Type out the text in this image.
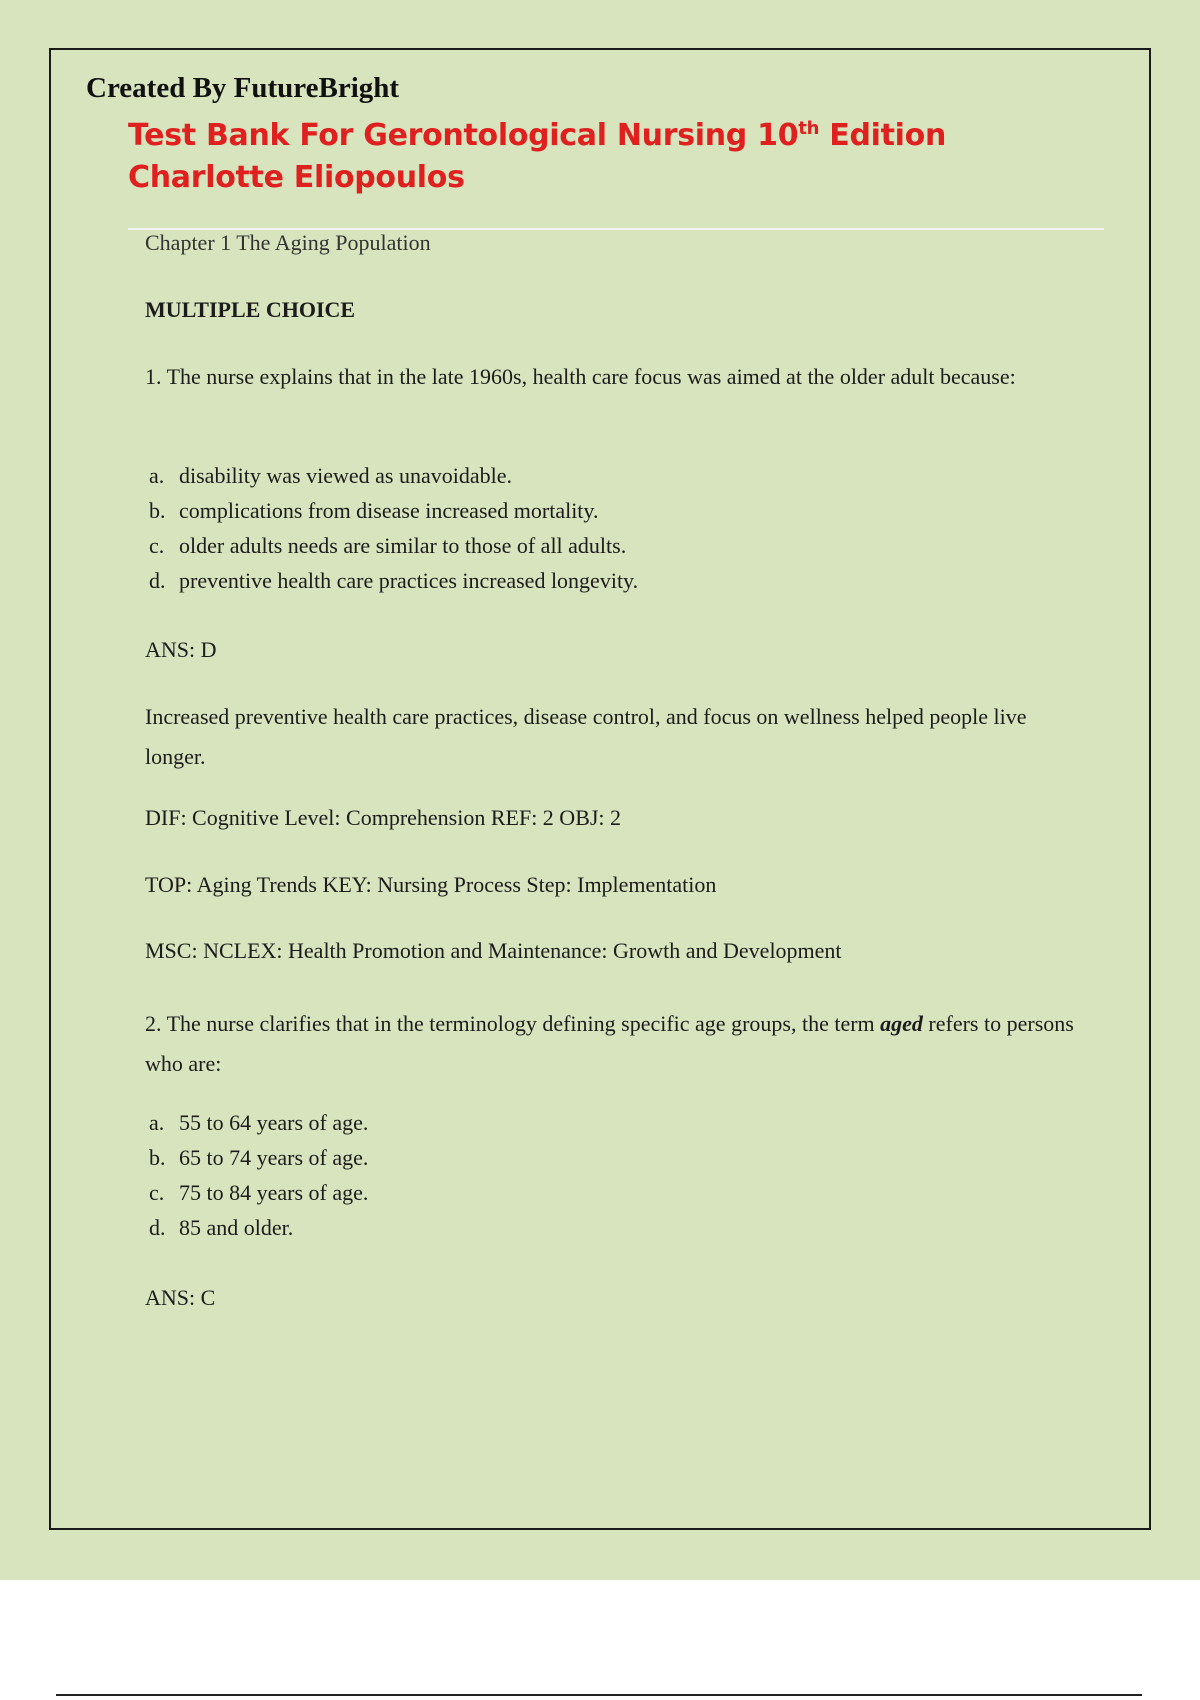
Created By FutureBright
Test Bank For Gerontological Nursing 10th Edition Charlotte Eliopoulos
Chapter 1 The Aging Population
MULTIPLE CHOICE
1. The nurse explains that in the late 1960s, health care focus was aimed at the older adult because:
a. disability was viewed as unavoidable.
b. complications from disease increased mortality.
c. older adults needs are similar to those of all adults.
d. preventive health care practices increased longevity.
ANS: D
Increased preventive health care practices, disease control, and focus on wellness helped people live longer.
DIF: Cognitive Level: Comprehension REF: 2 OBJ: 2
TOP: Aging Trends KEY: Nursing Process Step: Implementation
MSC: NCLEX: Health Promotion and Maintenance: Growth and Development
2. The nurse clarifies that in the terminology defining specific age groups, the term aged refers to persons who are:
a. 55 to 64 years of age.
b. 65 to 74 years of age.
c. 75 to 84 years of age.
d. 85 and older.
ANS: C
